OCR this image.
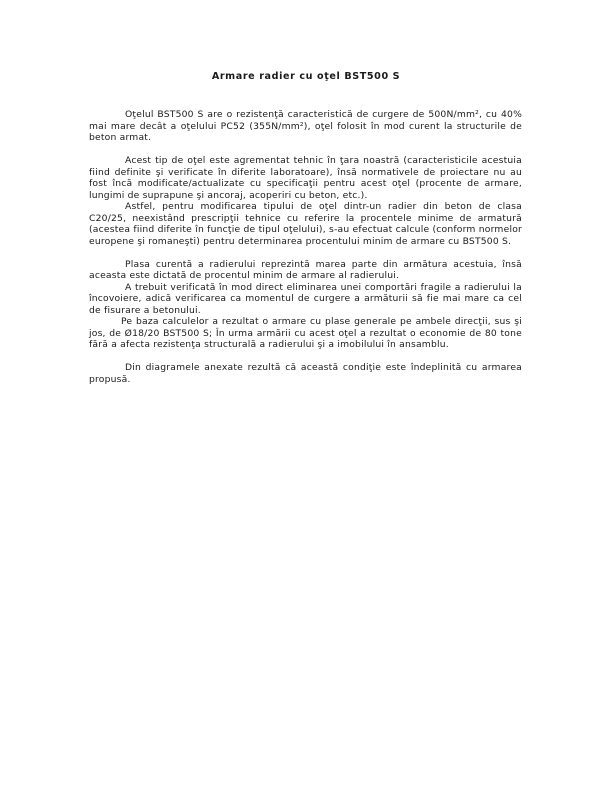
Armare radier cu oţel BST500 S

Oţelul BST500 S are o rezistenţă caracteristică de curgere de 500N/mm², cu 40% mai mare decât a oţelului PC52 (355N/mm²), oţel folosit în mod curent la structurile de beton armat.

Acest tip de oţel este agrementat tehnic în ţara noastră (caracteristicile acestuia fiind definite şi verificate în diferite laboratoare), însă normativele de proiectare nu au fost încă modificate/actualizate cu specificaţii pentru acest oţel (procente de armare, lungimi de suprapune şi ancoraj, acoperiri cu beton, etc.).

Astfel, pentru modificarea tipului de oţel dintr-un radier din beton de clasa C20/25, neexistând prescripţii tehnice cu referire la procentele minime de armatură (acestea fiind diferite în funcţie de tipul oţelului), s-au efectuat calcule (conform normelor europene şi romaneşti) pentru determinarea procentului minim de armare cu BST500 S.

Plasa curentă a radierului reprezintă marea parte din armătura acestuia, însă aceasta este dictată de procentul minim de armare al radierului.

A trebuit verificată în mod direct eliminarea unei comportări fragile a radierului la încovoiere, adică verificarea ca momentul de curgere a armăturii să fie mai mare ca cel de fisurare a betonului.

Pe baza calculelor a rezultat o armare cu plase generale pe ambele direcţii, sus şi jos, de Ø18/20 BST500 S; În urma armării cu acest oţel a rezultat o economie de 80 tone fără a afecta rezistenţa structurală a radierului şi a imobilului în ansamblu.

Din diagramele anexate rezultă că această condiţie este îndeplinită cu armarea propusă.
